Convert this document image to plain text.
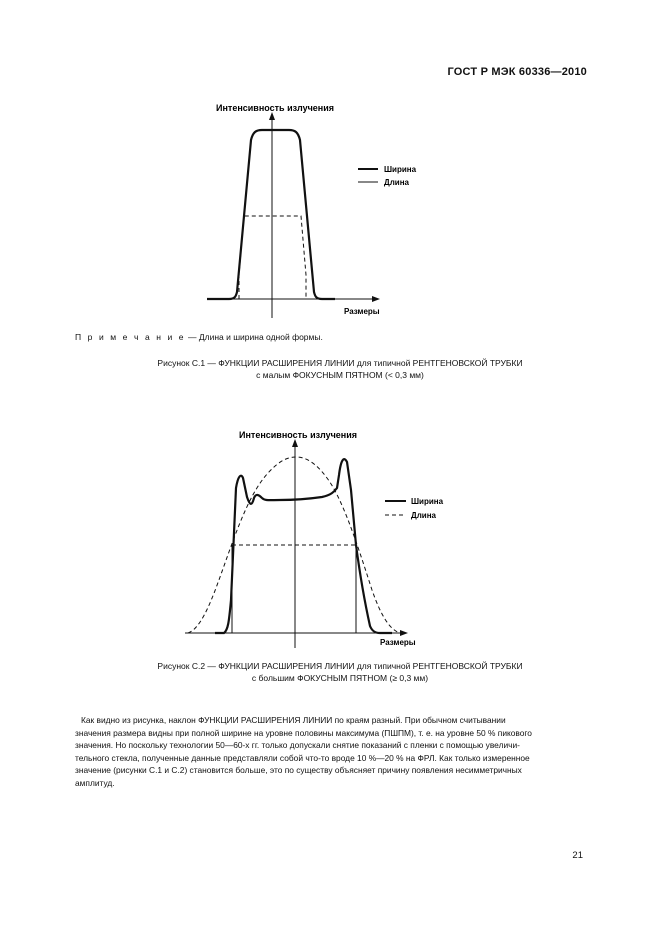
ГОСТ Р МЭК 60336—2010
Ширина
Длина
Интенсивность излучения
Размеры
П р и м е ч а н и е — Длина и ширина одной формы.
Рисунок С.1 — ФУНКЦИИ РАСШИРЕНИЯ ЛИНИИ для типичной РЕНТГЕНОВСКОЙ ТРУБКИ
с малым ФОКУСНЫМ ПЯТНОМ (< 0,3 мм)
Ширина
Длина
Интенсивность излучения
Размеры
Рисунок С.2 — ФУНКЦИИ РАСШИРЕНИЯ ЛИНИИ для типичной РЕНТГЕНОВСКОЙ ТРУБКИ
с большим ФОКУСНЫМ ПЯТНОМ (≥ 0,3 мм)
Как видно из рисунка, наклон ФУНКЦИИ РАСШИРЕНИЯ ЛИНИИ по краям разный. При обычном считывании
значения размера видны при полной ширине на уровне половины максимума (ПШПМ), т. е. на уровне 50 % пикового
значения. Но поскольку технологии 50—60-х гг. только допускали снятие показаний с пленки с помощью увеличи-
тельного стекла, полученные данные представляли собой что-то вроде 10 %—20 % на ФРЛ. Как только измеренное
значение (рисунки С.1 и С.2) становится больше, это по существу объясняет причину появления несимметричных
амплитуд.
21
